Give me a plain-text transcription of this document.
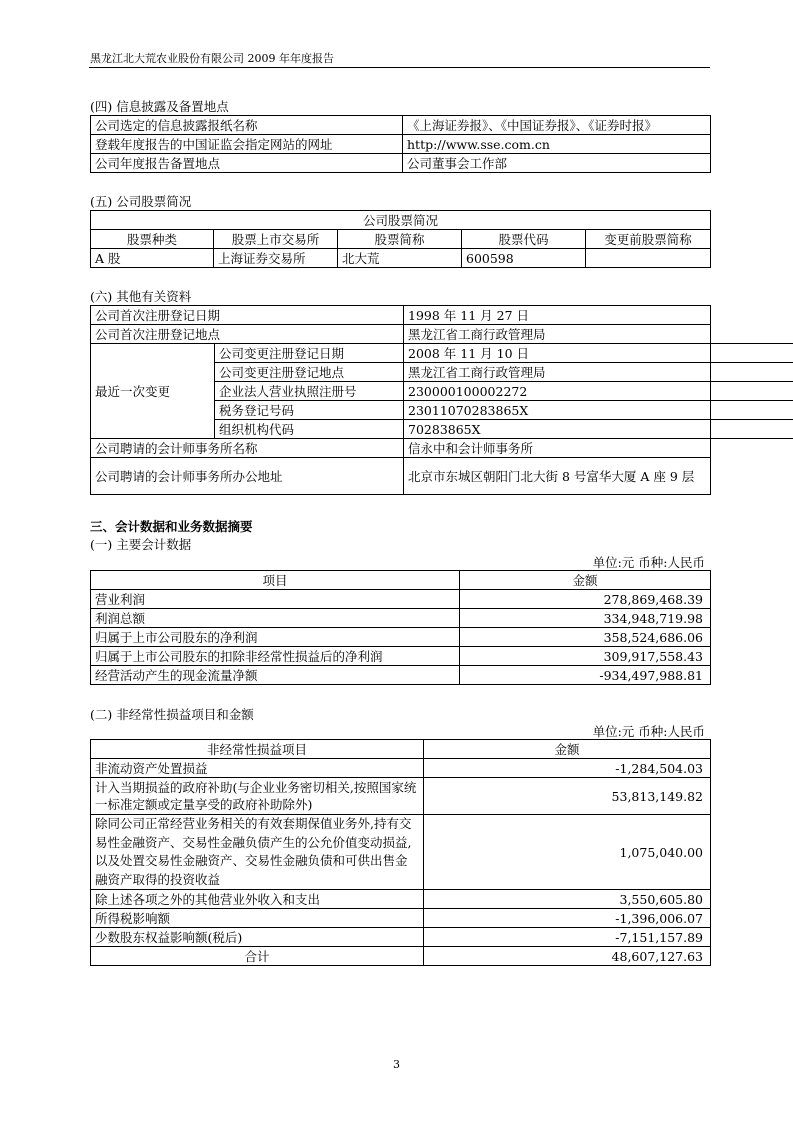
黑龙江北大荒农业股份有限公司 2009 年年度报告
(四) 信息披露及备置地点
公司选定的信息披露报纸名称	《上海证券报》、《中国证券报》、《证券时报》
登载年度报告的中国证监会指定网站的网址	http://www.sse.com.cn
公司年度报告备置地点	公司董事会工作部
(五) 公司股票简况
公司股票简况				
股票种类	股票上市交易所	股票简称	股票代码	变更前股票简称
A 股	上海证券交易所	北大荒	600598	
(六) 其他有关资料
公司首次注册登记日期		1998 年 11 月 27 日
公司首次注册登记地点		黑龙江省工商行政管理局
最近一次变更	公司变更注册登记日期	2008 年 11 月 10 日
	公司变更注册登记地点	黑龙江省工商行政管理局
	企业法人营业执照注册号	230000100002272
	税务登记号码	23011070283865X
	组织机构代码	70283865X
公司聘请的会计师事务所名称		信永中和会计师事务所
公司聘请的会计师事务所办公地址		北京市东城区朝阳门北大街 8 号富华大厦 A 座 9 层
三、会计数据和业务数据摘要
(一) 主要会计数据
单位:元 币种:人民币
项目	金额
营业利润	278,869,468.39
利润总额	334,948,719.98
归属于上市公司股东的净利润	358,524,686.06
归属于上市公司股东的扣除非经常性损益后的净利润	309,917,558.43
经营活动产生的现金流量净额	-934,497,988.81
(二) 非经常性损益项目和金额
单位:元 币种:人民币
非经常性损益项目	金额
非流动资产处置损益	-1,284,504.03
计入当期损益的政府补助(与企业业务密切相关,按照国家统一标准定额或定量享受的政府补助除外)	53,813,149.82
除同公司正常经营业务相关的有效套期保值业务外,持有交易性金融资产、交易性金融负债产生的公允价值变动损益,以及处置交易性金融资产、交易性金融负债和可供出售金融资产取得的投资收益	1,075,040.00
除上述各项之外的其他营业外收入和支出	3,550,605.80
所得税影响额	-1,396,006.07
少数股东权益影响额(税后)	-7,151,157.89
合计	48,607,127.63
3
